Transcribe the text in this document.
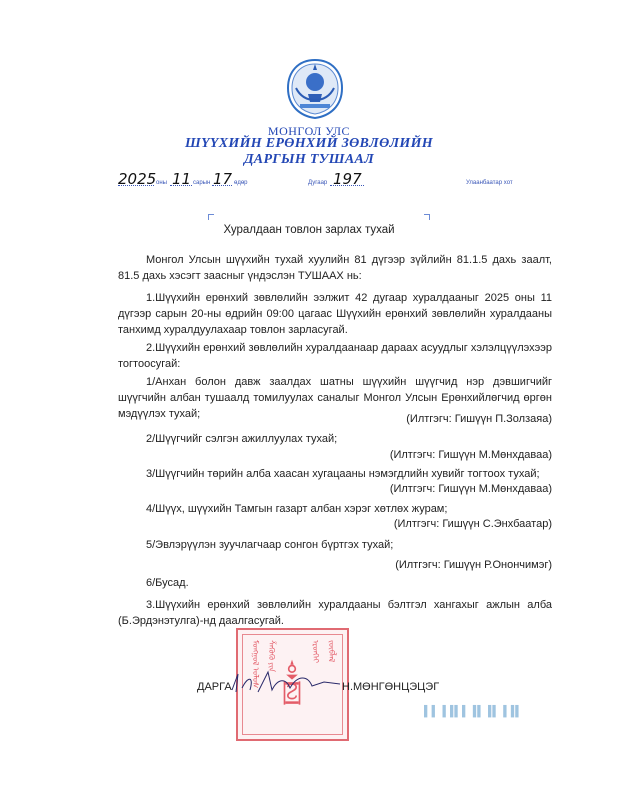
МОНГОЛ УЛС
ШҮҮХИЙН ЕРӨНХИЙ ЗӨВЛӨЛИЙН
ДАРГЫН ТУШААЛ
2025 оны 11 сарын 17 өдөр	Дугаар 197	Улаанбаатар хот
Хуралдаан товлон зарлах тухай
Монгол Улсын шүүхийн тухай хуулийн 81 дүгээр зүйлийн 81.1.5 дахь заалт, 81.5 дахь хэсэгт заасныг үндэслэн ТУШААХ нь:
1.Шүүхийн ерөнхий зөвлөлийн ээлжит 42 дугаар хуралдааныг 2025 оны 11 дүгээр сарын 20-ны өдрийн 09:00 цагаас Шүүхийн ерөнхий зөвлөлийн хуралдааны танхимд хуралдуулахаар товлон зарласугай.
2.Шүүхийн ерөнхий зөвлөлийн хуралдаанаар дараах асуудлыг хэлэлцүүлэхээр тогтоосугай:
1/Анхан болон давж заалдах шатны шүүхийн шүүгчид нэр дэвшигчийг шүүгчийн албан тушаалд томилуулах саналыг Монгол Улсын Ерөнхийлөгчид өргөн мэдүүлэх тухай;	(Илтгэгч: Гишүүн П.Золзаяа)
2/Шүүгчийг сэлгэн ажиллуулах тухай;
(Илтгэгч: Гишүүн М.Мөнхдаваа)
3/Шүүгчийн төрийн алба хаасан хугацааны нэмэгдлийн хувийг тогтоох тухай;
(Илтгэгч: Гишүүн М.Мөнхдаваа)
4/Шүүх, шүүхийн Тамгын газарт албан хэрэг хөтлөх журам;
(Илтгэгч: Гишүүн С.Энхбаатар)
5/Эвлэрүүлэн зуучлагчаар сонгон бүртгэх тухай;
(Илтгэгч: Гишүүн Р.Онончимэг)
6/Бусад.
3.Шүүхийн ерөнхий зөвлөлийн хуралдааны бэлтгэл хангахыг ажлын алба (Б.Эрдэнэтулга)-нд даалгасугай.
ᠮᠣᠩᠭᠣᠯ ᠤᠯᠤᠰ ᠱᠡᠭᠦᠬᠦ ᠶᠢᠨ	ᠡᠷᠦᠨᠬᠡᠢ ᠵᠥᠪᠯᠡᠯ
ДАРГА	Н.МӨНГӨНЦЭЦЭГ
▌▌▐▐▌▌▐▌▐▌▐▐▌
